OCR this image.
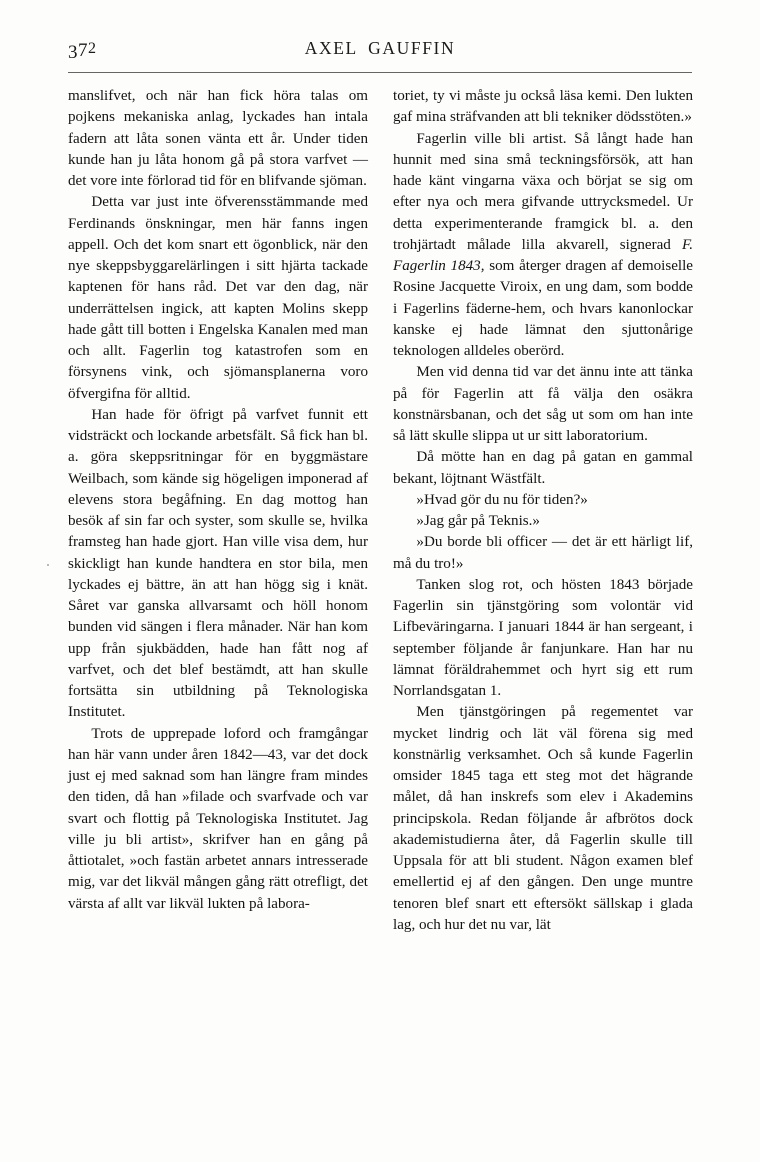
372	AXEL GAUFFIN

manslifvet, och när han fick höra talas om pojkens mekaniska anlag, lyckades han intala fadern att låta sonen vänta ett år. Under tiden kunde han ju låta honom gå på stora varfvet — det vore inte förlorad tid för en blifvande sjöman.

Detta var just inte öfverensstämmande med Ferdinands önskningar, men här fanns ingen appell. Och det kom snart ett ögonblick, när den nye skeppsbyggarelärlingen i sitt hjärta tackade kaptenen för hans råd. Det var den dag, när underrättelsen ingick, att kapten Molins skepp hade gått till botten i Engelska Kanalen med man och allt. Fagerlin tog katastrofen som en försynens vink, och sjömansplanerna voro öfvergifna för alltid.

Han hade för öfrigt på varfvet funnit ett vidsträckt och lockande arbetsfält. Så fick han bl. a. göra skeppsritningar för en byggmästare Weilbach, som kände sig högeligen imponerad af elevens stora begåfning. En dag mottog han besök af sin far och syster, som skulle se, hvilka framsteg han hade gjort. Han ville visa dem, hur skickligt han kunde handtera en stor bila, men lyckades ej bättre, än att han högg sig i knät. Såret var ganska allvarsamt och höll honom bunden vid sängen i flera månader. När han kom upp från sjukbädden, hade han fått nog af varfvet, och det blef bestämdt, att han skulle fortsätta sin utbildning på Teknologiska Institutet.

Trots de upprepade loford och framgångar han här vann under åren 1842—43, var det dock just ej med saknad som han längre fram mindes den tiden, då han »filade och svarfvade och var svart och flottig på Teknologiska Institutet. Jag ville ju bli artist», skrifver han en gång på åttiotalet, »och fastän arbetet annars intresserade mig, var det likväl mången gång rätt otrefligt, det värsta af allt var likväl lukten på labora-

toriet, ty vi måste ju också läsa kemi. Den lukten gaf mina sträfvanden att bli tekniker dödsstöten.»

Fagerlin ville bli artist. Så långt hade han hunnit med sina små teckningsförsök, att han hade känt vingarna växa och börjat se sig om efter nya och mera gifvande uttrycksmedel. Ur detta experimenterande framgick bl. a. den trohjärtadt målade lilla akvarell, signerad F. Fagerlin 1843, som återger dragen af demoiselle Rosine Jacquette Viroix, en ung dam, som bodde i Fagerlins fäderne-hem, och hvars kanonlockar kanske ej hade lämnat den sjuttonårige teknologen alldeles oberörd.

Men vid denna tid var det ännu inte att tänka på för Fagerlin att få välja den osäkra konstnärsbanan, och det såg ut som om han inte så lätt skulle slippa ut ur sitt laboratorium.

Då mötte han en dag på gatan en gammal bekant, löjtnant Wästfält.

»Hvad gör du nu för tiden?»

»Jag går på Teknis.»

»Du borde bli officer — det är ett härligt lif, må du tro!»

Tanken slog rot, och hösten 1843 började Fagerlin sin tjänstgöring som volontär vid Lifbeväringarna. I januari 1844 är han sergeant, i september följande år fanjunkare. Han har nu lämnat föräldrahemmet och hyrt sig ett rum Norrlandsgatan 1.

Men tjänstgöringen på regementet var mycket lindrig och lät väl förena sig med konstnärlig verksamhet. Och så kunde Fagerlin omsider 1845 taga ett steg mot det hägrande målet, då han inskrefs som elev i Akademins principskola. Redan följande år afbrötos dock akademistudierna åter, då Fagerlin skulle till Uppsala för att bli student. Någon examen blef emellertid ej af den gången. Den unge muntre tenoren blef snart ett eftersökt sällskap i glada lag, och hur det nu var, lät
